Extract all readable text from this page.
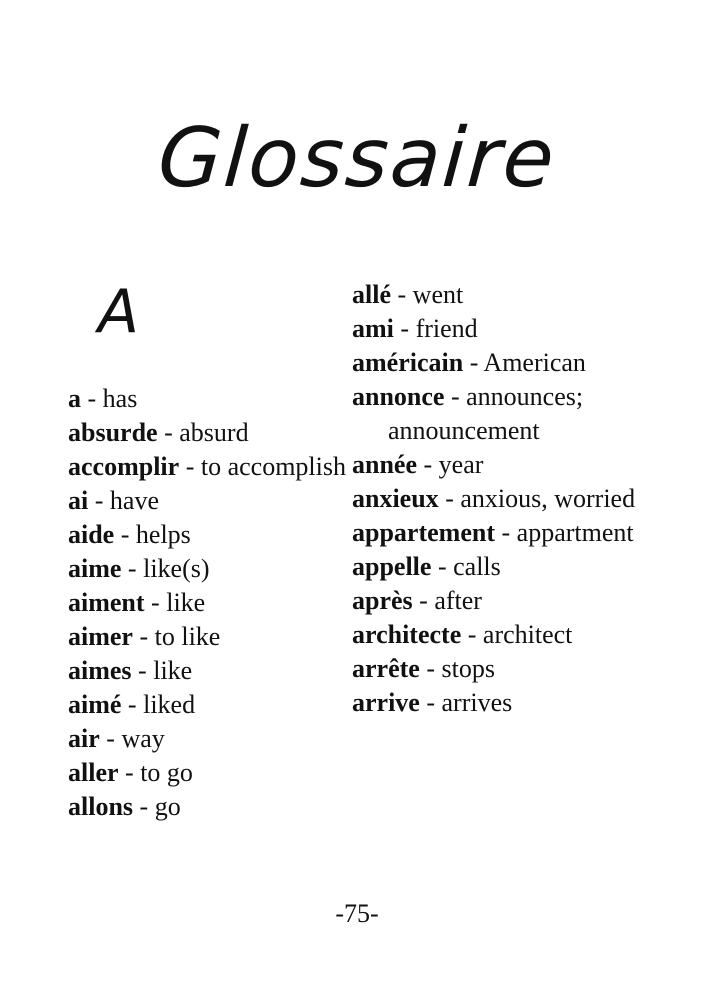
Glossaire
A
a - has
absurde - absurd
accomplir - to accomplish
ai - have
aide - helps
aime - like(s)
aiment - like
aimer - to like
aimes - like
aimé - liked
air - way
aller - to go
allons - go
allé - went
ami - friend
américain - American
annonce - announces; announcement
année - year
anxieux - anxious, worried
appartement - appartment
appelle - calls
après - after
architecte - architect
arrête - stops
arrive - arrives
-75-
